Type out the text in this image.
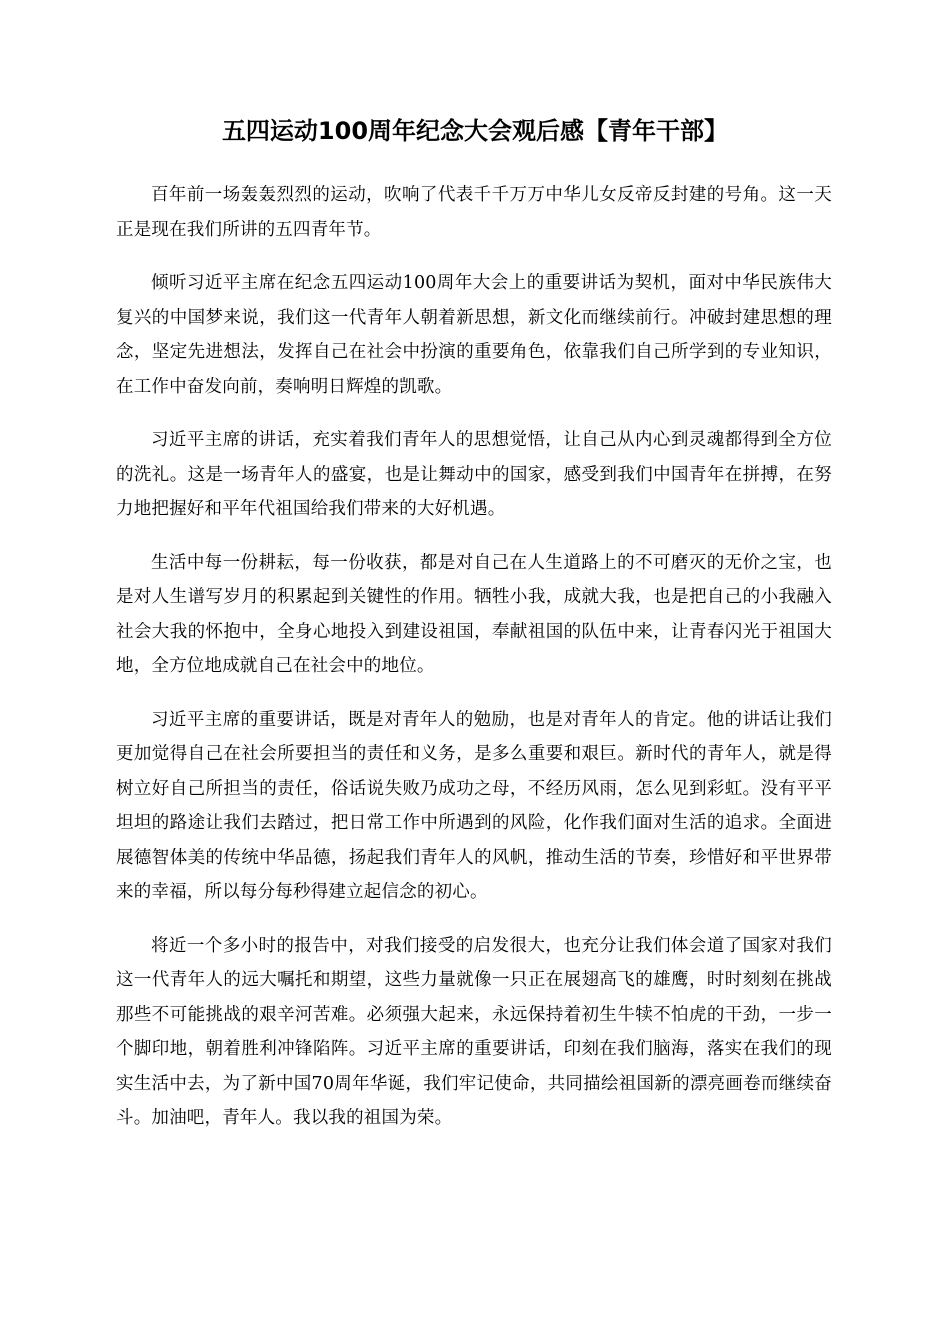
五四运动100周年纪念大会观后感【青年干部】

百年前一场轰轰烈烈的运动，吹响了代表千千万万中华儿女反帝反封建的号角。这一天正是现在我们所讲的五四青年节。

倾听习近平主席在纪念五四运动100周年大会上的重要讲话为契机，面对中华民族伟大复兴的中国梦来说，我们这一代青年人朝着新思想，新文化而继续前行。冲破封建思想的理念，坚定先进想法，发挥自己在社会中扮演的重要角色，依靠我们自己所学到的专业知识，在工作中奋发向前，奏响明日辉煌的凯歌。

习近平主席的讲话，充实着我们青年人的思想觉悟，让自己从内心到灵魂都得到全方位的洗礼。这是一场青年人的盛宴，也是让舞动中的国家，感受到我们中国青年在拼搏，在努力地把握好和平年代祖国给我们带来的大好机遇。

生活中每一份耕耘，每一份收获，都是对自己在人生道路上的不可磨灭的无价之宝，也是对人生谱写岁月的积累起到关键性的作用。牺牲小我，成就大我，也是把自己的小我融入社会大我的怀抱中，全身心地投入到建设祖国，奉献祖国的队伍中来，让青春闪光于祖国大地，全方位地成就自己在社会中的地位。

习近平主席的重要讲话，既是对青年人的勉励，也是对青年人的肯定。他的讲话让我们更加觉得自己在社会所要担当的责任和义务，是多么重要和艰巨。新时代的青年人，就是得树立好自己所担当的责任，俗话说失败乃成功之母，不经历风雨，怎么见到彩虹。没有平平坦坦的路途让我们去踏过，把日常工作中所遇到的风险，化作我们面对生活的追求。全面进展德智体美的传统中华品德，扬起我们青年人的风帆，推动生活的节奏，珍惜好和平世界带来的幸福，所以每分每秒得建立起信念的初心。

将近一个多小时的报告中，对我们接受的启发很大，也充分让我们体会道了国家对我们这一代青年人的远大嘱托和期望，这些力量就像一只正在展翅高飞的雄鹰，时时刻刻在挑战那些不可能挑战的艰辛河苦难。必须强大起来，永远保持着初生牛犊不怕虎的干劲，一步一个脚印地，朝着胜利冲锋陷阵。习近平主席的重要讲话，印刻在我们脑海，落实在我们的现实生活中去，为了新中国70周年华诞，我们牢记使命，共同描绘祖国新的漂亮画卷而继续奋斗。加油吧，青年人。我以我的祖国为荣。
